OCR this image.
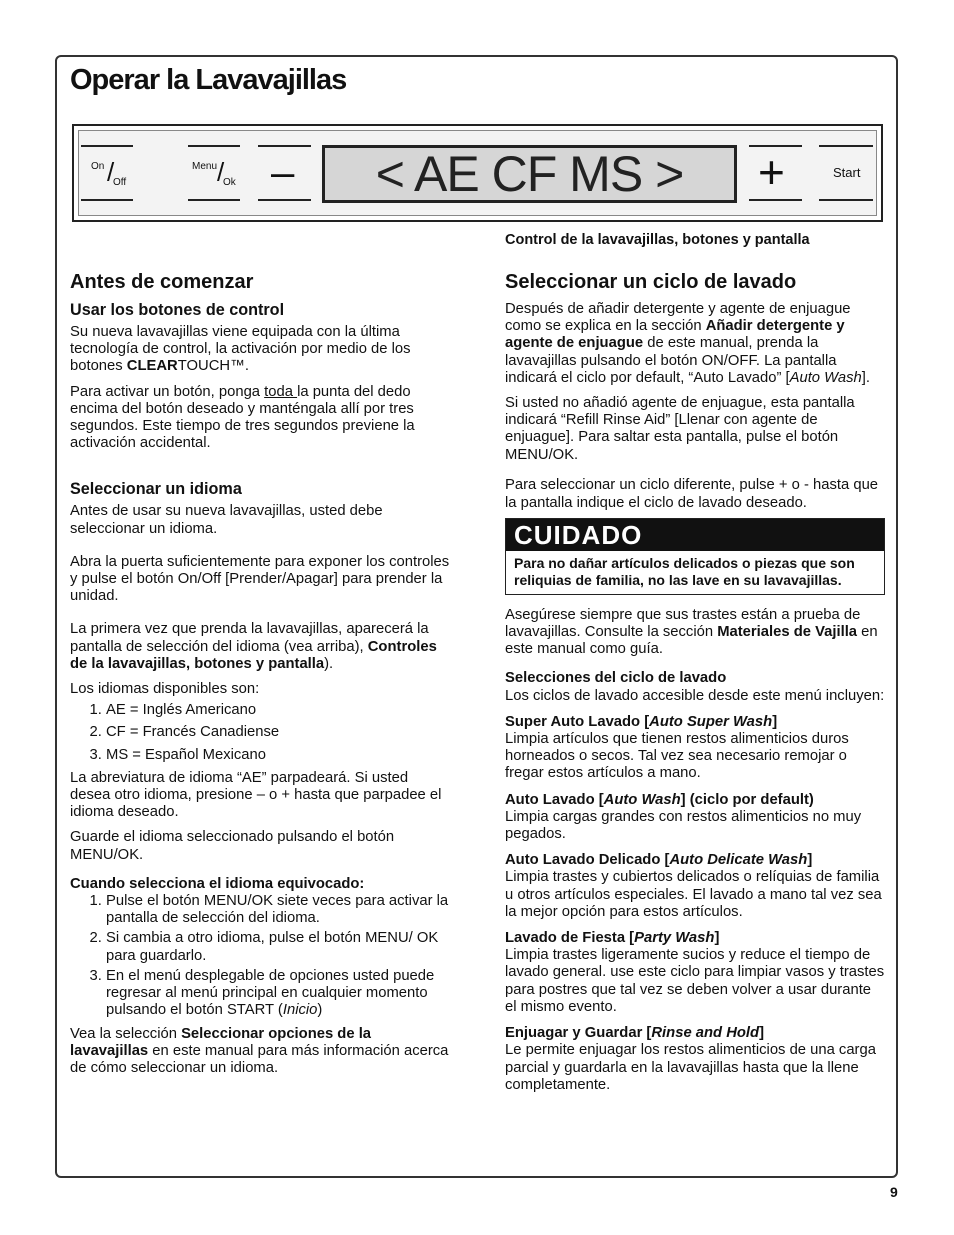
Operar la Lavavajillas
On /
Off
Menu /
Ok – < AE CF MS > +	Start
Control de la lavavajillas, botones y pantalla
Antes de comenzar
Usar los botones de control

Su nueva lavavajillas viene equipada con la última tecnología de control, la activación por medio de los botones CLEARTOUCH™.

Para activar un botón, ponga toda la punta del dedo encima del botón deseado y manténgala allí por tres segundos. Este tiempo de tres segundos previene la activación accidental.

Seleccionar un idioma

Antes de usar su nueva lavavajillas, usted debe seleccionar un idioma.

Abra la puerta suficientemente para exponer los controles y pulse el botón On/Off [Prender/Apagar] para prender la unidad.

La primera vez que prenda la lavavajillas, aparecerá la pantalla de selección del idioma (vea arriba), Controles de la lavavajillas, botones y pantalla).

Los idiomas disponibles son:

1. AE = Inglés Americano
2. CF = Francés Canadiense
3. MS = Español Mexicano

La abreviatura de idioma “AE” parpadeará. Si usted desea otro idioma, presione – o + hasta que parpadee el idioma deseado.

Guarde el idioma seleccionado pulsando el botón MENU/OK.

Cuando selecciona el idioma equivocado:
1. Pulse el botón MENU/OK siete veces para activar la pantalla de selección del idioma.
2. Si cambia a otro idioma, pulse el botón MENU/ OK para guardarlo.
3. En el menú desplegable de opciones usted puede regresar al menú principal en cualquier momento pulsando el botón START (Inicio)

Vea la selección Seleccionar opciones de la lavavajillas en este manual para más información acerca de cómo seleccionar un idioma.

Seleccionar un ciclo de lavado

Después de añadir detergente y agente de enjuague como se explica en la sección Añadir detergente y agente de enjuague de este manual, prenda la lavavajillas pulsando el botón ON/OFF. La pantalla indicará el ciclo por default, “Auto Lavado” [Auto Wash].

Si usted no añadió agente de enjuague, esta pantalla indicará “Refill Rinse Aid” [Llenar con agente de enjuague]. Para saltar esta pantalla, pulse el botón MENU/OK.

Para seleccionar un ciclo diferente, pulse + o - hasta que la pantalla indique el ciclo de lavado deseado.

CUIDADO
Para no dañar artículos delicados o piezas que son reliquias de familia, no las lave en su lavavajillas.

Asegúrese siempre que sus trastes están a prueba de lavavajillas. Consulte la sección Materiales de Vajilla en este manual como guía.

Selecciones del ciclo de lavado

Los ciclos de lavado accesible desde este menú incluyen:

Super Auto Lavado [Auto Super Wash]

Limpia artículos que tienen restos alimenticios duros horneados o secos. Tal vez sea necesario remojar o fregar estos artículos a mano.

Auto Lavado [Auto Wash] (ciclo por default)

Limpia cargas grandes con restos alimenticios no muy pegados.

Auto Lavado Delicado [Auto Delicate Wash]

Limpia trastes y cubiertos delicados o relíquias de familia u otros artículos especiales. El lavado a mano tal vez sea la mejor opción para estos artículos.

Lavado de Fiesta [Party Wash]

Limpia trastes ligeramente sucios y reduce el tiempo de lavado general. use este ciclo para limpiar vasos y trastes para postres que tal vez se deben volver a usar durante el mismo evento.

Enjuagar y Guardar [Rinse and Hold]

Le permite enjuagar los restos alimenticios de una carga parcial y guardarla en la lavavajillas hasta que la llene completamente.

9
